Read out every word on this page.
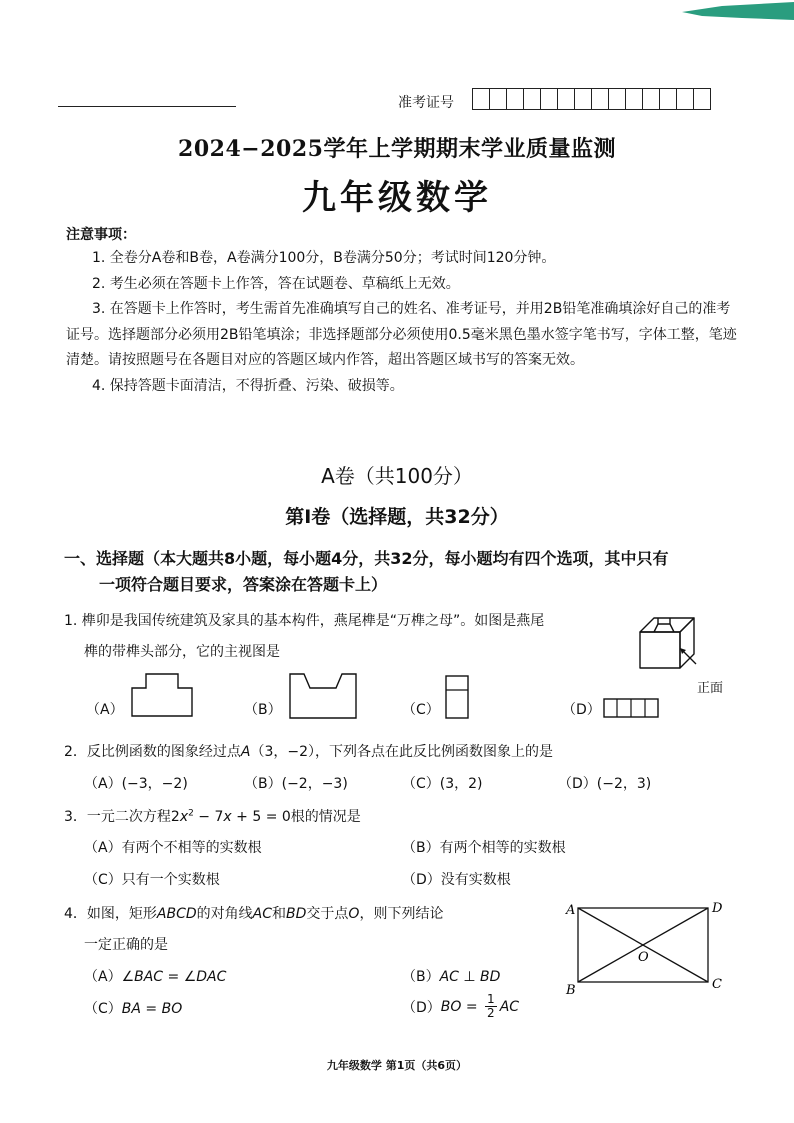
准考证号
2024−2025学年上学期期末学业质量监测
九年级数学
注意事项：

1. 全卷分A卷和B卷，A卷满分100分，B卷满分50分；考试时间120分钟。

2. 考生必须在答题卡上作答，答在试题卷、草稿纸上无效。

3. 在答题卡上作答时，考生需首先准确填写自己的姓名、准考证号，并用2B铅笔准确填涂好自己的准考证号。选择题部分必须用2B铅笔填涂；非选择题部分必须使用0.5毫米黑色墨水签字笔书写，字体工整，笔迹清楚。请按照题号在各题目对应的答题区域内作答，超出答题区域书写的答案无效。

4. 保持答题卡面清洁，不得折叠、污染、破损等。

A卷（共100分）
第Ⅰ卷（选择题，共32分）
一、选择题（本大题共8小题，每小题4分，共32分，每小题均有四个选项，其中只有
一项符合题目要求，答案涂在答题卡上）
1. 榫卯是我国传统建筑及家具的基本构件，燕尾榫是“万榫之母”。如图是燕尾
榫的带榫头部分，它的主视图是
正面
（A）	（B）	（C）	（D）
2．反比例函数的图象经过点A（3，−2），下列各点在此反比例函数图象上的是
（A）(−3，−2)	（B）(−2，−3)	（C）(3，2)	（D）(−2，3)
3．一元二次方程$2x^2 - 7x + 5 = 0$根的情况是
（A）有两个不相等的实数根	（B）有两个相等的实数根
（C）只有一个实数根	（D）没有实数根
4．如图，矩形ABCD的对角线AC和BD交于点O，则下列结论
一定正确的是
（A）∠BAC = ∠DAC	（B）AC ⊥ BD
（C）BA = BO	（D） BO = $\frac{1}{2}$ AC
A	D
B	C
O
九年级数学 第1页（共6页）
